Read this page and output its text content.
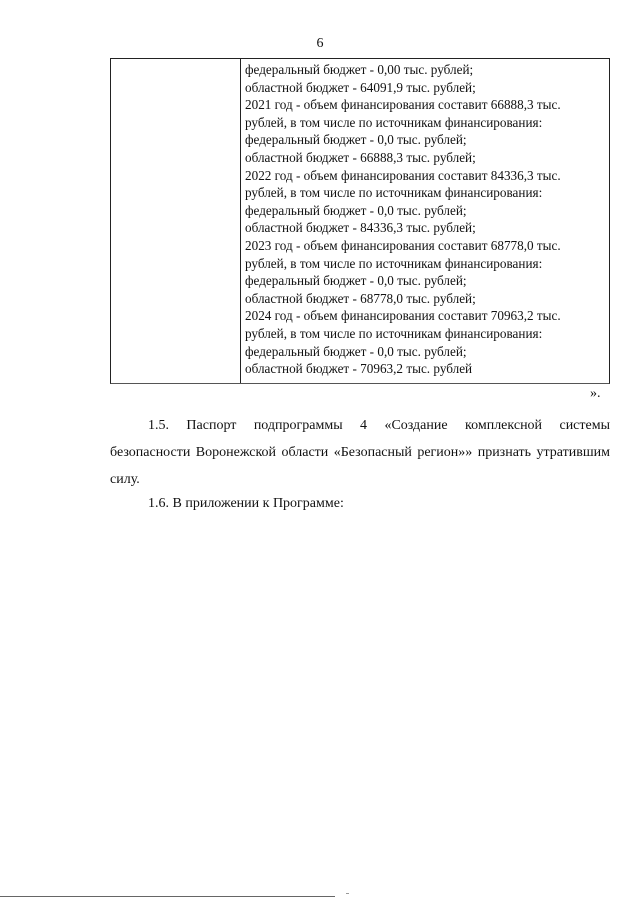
6

федеральный бюджет - 0,00 тыс. рублей;

областной бюджет - 64091,9 тыс. рублей;

2021 год - объем финансирования составит 66888,3 тыс.

рублей, в том числе по источникам финансирования:

федеральный бюджет - 0,0 тыс. рублей;

областной бюджет - 66888,3 тыс. рублей;

2022 год - объем финансирования составит 84336,3 тыс.

рублей, в том числе по источникам финансирования:

федеральный бюджет - 0,0 тыс. рублей;

областной бюджет - 84336,3 тыс. рублей;

2023 год - объем финансирования составит 68778,0 тыс.

рублей, в том числе по источникам финансирования:

федеральный бюджет - 0,0 тыс. рублей;

областной бюджет - 68778,0 тыс. рублей;

2024 год - объем финансирования составит 70963,2 тыс.

рублей, в том числе по источникам финансирования:

федеральный бюджет - 0,0 тыс. рублей;

областной бюджет - 70963,2 тыс. рублей

».

1.5. Паспорт подпрограммы 4 «Создание комплексной системы безопасности Воронежской области «Безопасный регион»» признать утратившим силу.

1.6. В приложении к Программе:
